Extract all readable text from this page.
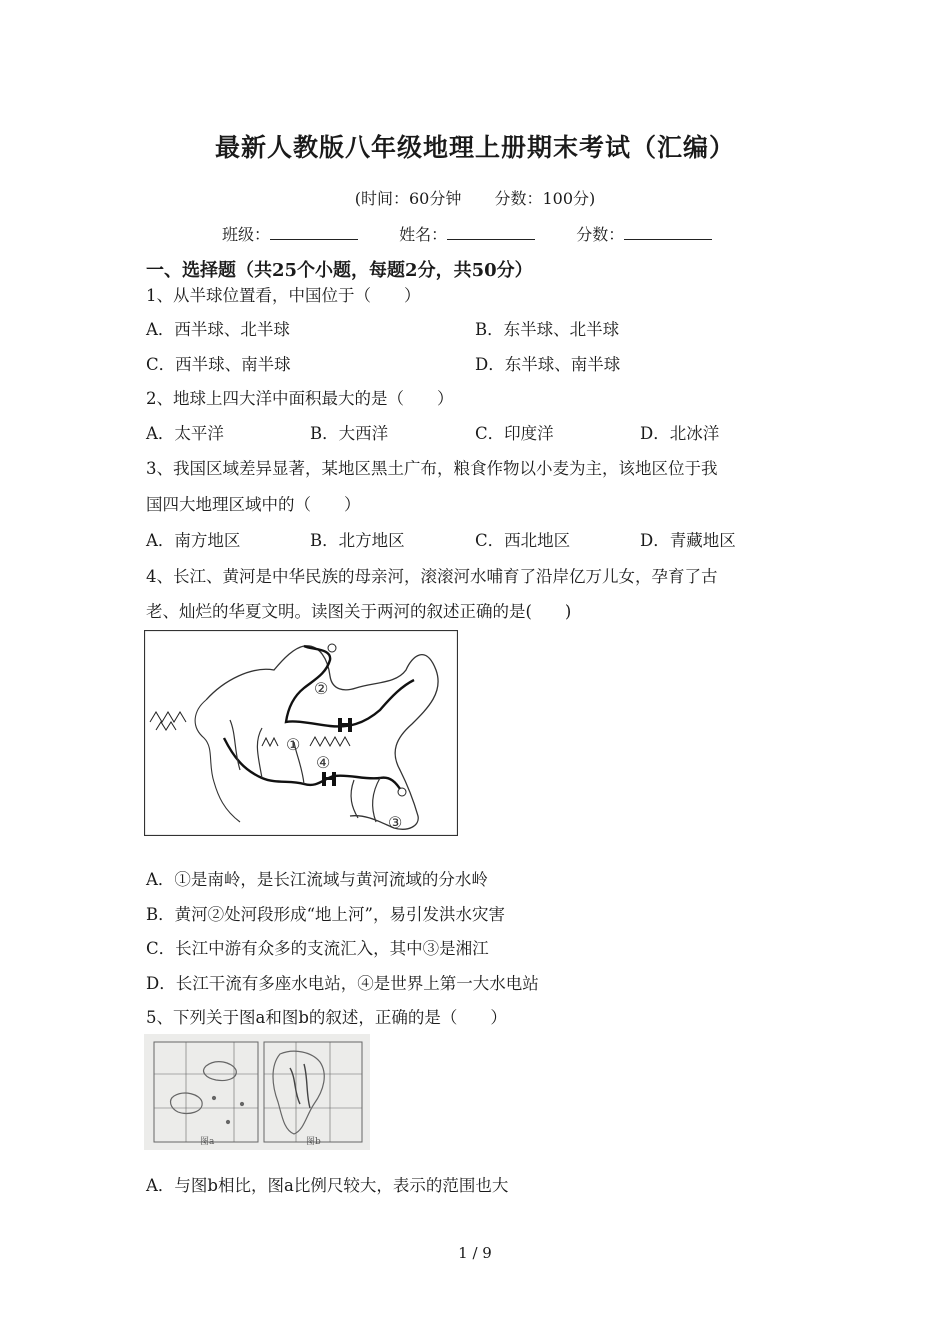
最新人教版八年级地理上册期末考试（汇编）
(时间：60分钟 分数：100分)
班级：	姓名：	分数：
一、选择题（共25个小题，每题2分，共50分）
1、从半球位置看，中国位于（　　）
A．西半球、北半球	B．东半球、北半球
C．西半球、南半球	D．东半球、南半球
2、地球上四大洋中面积最大的是（　　）
A．太平洋	B．大西洋	C．印度洋	D．北冰洋
3、我国区域差异显著，某地区黑土广布，粮食作物以小麦为主，该地区位于我
国四大地理区域中的（　　）
A．南方地区	B．北方地区	C．西北地区	D．青藏地区
4、长江、黄河是中华民族的母亲河，滚滚河水哺育了沿岸亿万儿女，孕育了古
老、灿烂的华夏文明。读图关于两河的叙述正确的是(　　)
②
①
④
③
A．①是南岭，是长江流域与黄河流域的分水岭
B．黄河②处河段形成“地上河”，易引发洪水灾害
C．长江中游有众多的支流汇入，其中③是湘江
D．长江干流有多座水电站，④是世界上第一大水电站
5、下列关于图a和图b的叙述，正确的是（　　）
图a	图b
A．与图b相比，图a比例尺较大，表示的范围也大
1 / 9
